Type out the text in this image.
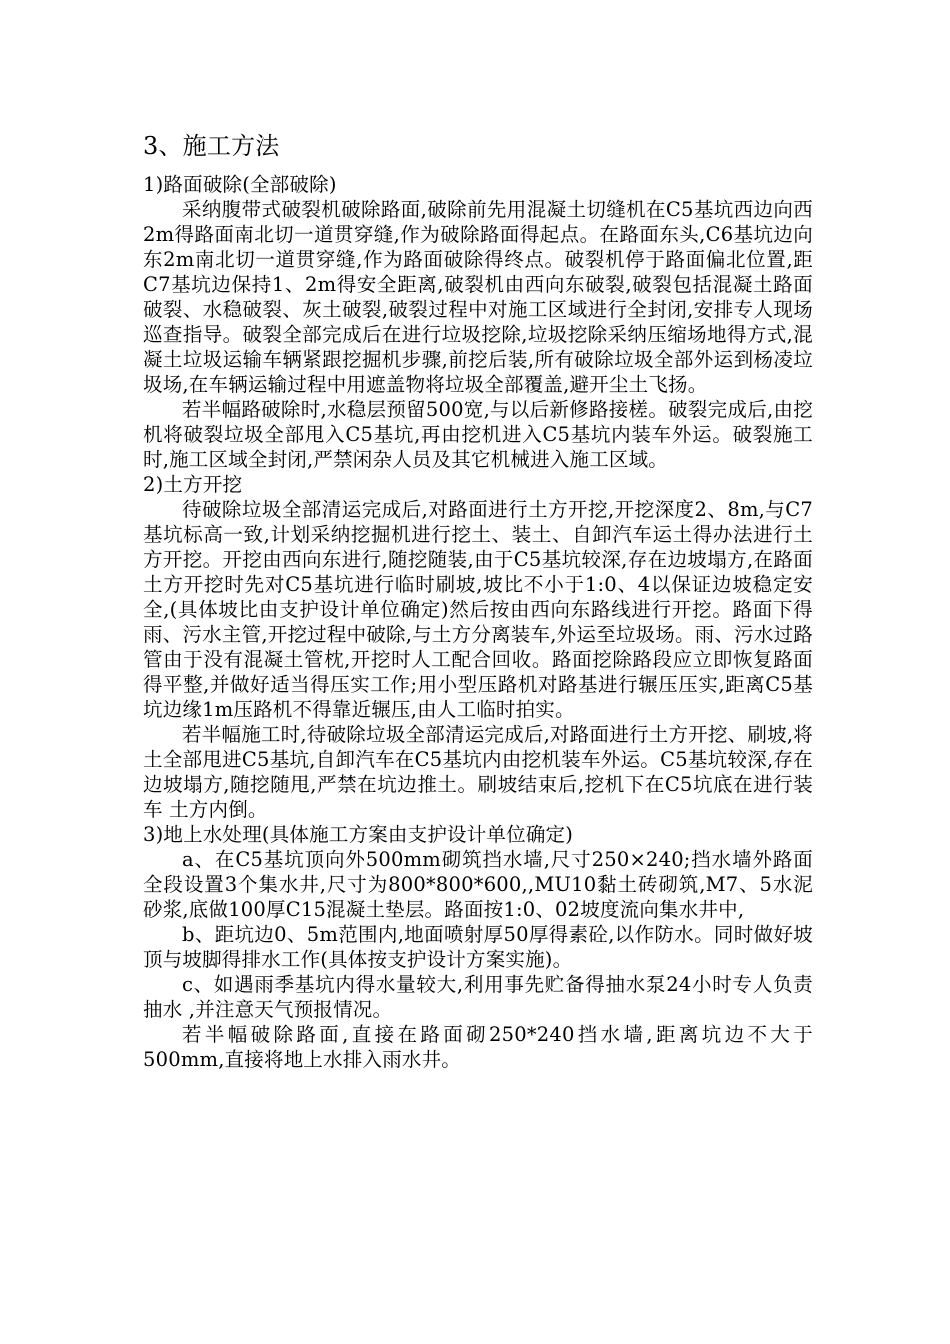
3、施工方法
1)路面破除(全部破除)
采纳腹带式破裂机破除路面,破除前先用混凝土切缝机在C5基坑西边向西2m得路面南北切一道贯穿缝,作为破除路面得起点。在路面东头,C6基坑边向东2m南北切一道贯穿缝,作为路面破除得终点。破裂机停于路面偏北位置,距C7基坑边保持1、2m得安全距离,破裂机由西向东破裂,破裂包括混凝土路面破裂、水稳破裂、灰土破裂,破裂过程中对施工区域进行全封闭,安排专人现场巡查指导。破裂全部完成后在进行垃圾挖除,垃圾挖除采纳压缩场地得方式,混凝土垃圾运输车辆紧跟挖掘机步骤,前挖后装,所有破除垃圾全部外运到杨凌垃圾场,在车辆运输过程中用遮盖物将垃圾全部覆盖,避开尘土飞扬。
若半幅路破除时,水稳层预留500宽,与以后新修路接槎。破裂完成后,由挖机将破裂垃圾全部甩入C5基坑,再由挖机进入C5基坑内装车外运。破裂施工时,施工区域全封闭,严禁闲杂人员及其它机械进入施工区域。
2)土方开挖
待破除垃圾全部清运完成后,对路面进行土方开挖,开挖深度2、8m,与C7基坑标高一致,计划采纳挖掘机进行挖土、装土、自卸汽车运土得办法进行土方开挖。开挖由西向东进行,随挖随装,由于C5基坑较深,存在边坡塌方,在路面土方开挖时先对C5基坑进行临时刷坡,坡比不小于1:0、4以保证边坡稳定安全,(具体坡比由支护设计单位确定)然后按由西向东路线进行开挖。路面下得雨、污水主管,开挖过程中破除,与土方分离装车,外运至垃圾场。雨、污水过路管由于没有混凝土管枕,开挖时人工配合回收。路面挖除路段应立即恢复路面得平整,并做好适当得压实工作;用小型压路机对路基进行辗压压实,距离C5基坑边缘1m压路机不得靠近辗压,由人工临时拍实。
若半幅施工时,待破除垃圾全部清运完成后,对路面进行土方开挖、刷坡,将土全部甩进C5基坑,自卸汽车在C5基坑内由挖机装车外运。C5基坑较深,存在边坡塌方,随挖随甩,严禁在坑边推土。刷坡结束后,挖机下在C5坑底在进行装车 土方内倒。
3)地上水处理(具体施工方案由支护设计单位确定)
a、在C5基坑顶向外500mm砌筑挡水墙,尺寸250×240;挡水墙外路面全段设置3个集水井,尺寸为800*800*600,,MU10黏土砖砌筑,M7、5水泥砂浆,底做100厚C15混凝土垫层。路面按1:0、02坡度流向集水井中,
b、距坑边0、5m范围内,地面喷射厚50厚得素砼,以作防水。同时做好坡顶与坡脚得排水工作(具体按支护设计方案实施)。
c、如遇雨季基坑内得水量较大,利用事先贮备得抽水泵24小时专人负责抽水 ,并注意天气预报情况。
若半幅破除路面,直接在路面砌250*240挡水墙,距离坑边不大于500mm,直接将地上水排入雨水井。
